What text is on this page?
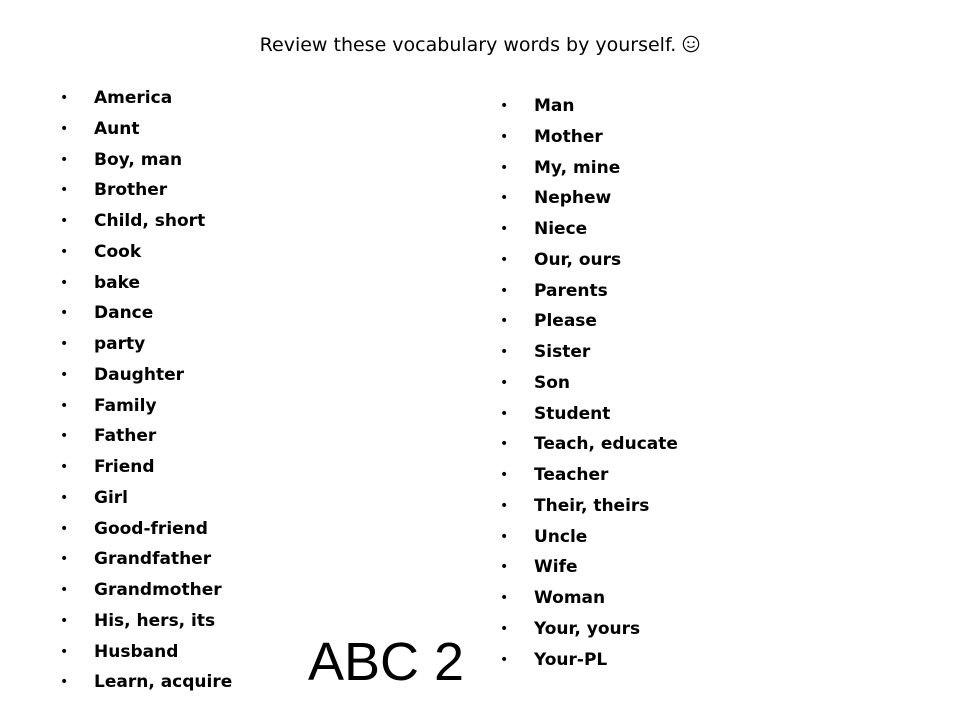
Review these vocabulary words by yourself.
• America
• Aunt
• Boy, man
• Brother
• Child, short
• Cook
• bake
• Dance
• party
• Daughter
• Family
• Father
• Friend
• Girl
• Good-friend
• Grandfather
• Grandmother
• His, hers, its
• Husband
• Learn, acquire
• Man
• Mother
• My, mine
• Nephew
• Niece
• Our, ours
• Parents
• Please
• Sister
• Son
• Student
• Teach, educate
• Teacher
• Their, theirs
• Uncle
• Wife
• Woman
• Your, yours
• Your-PL
ABC 2
